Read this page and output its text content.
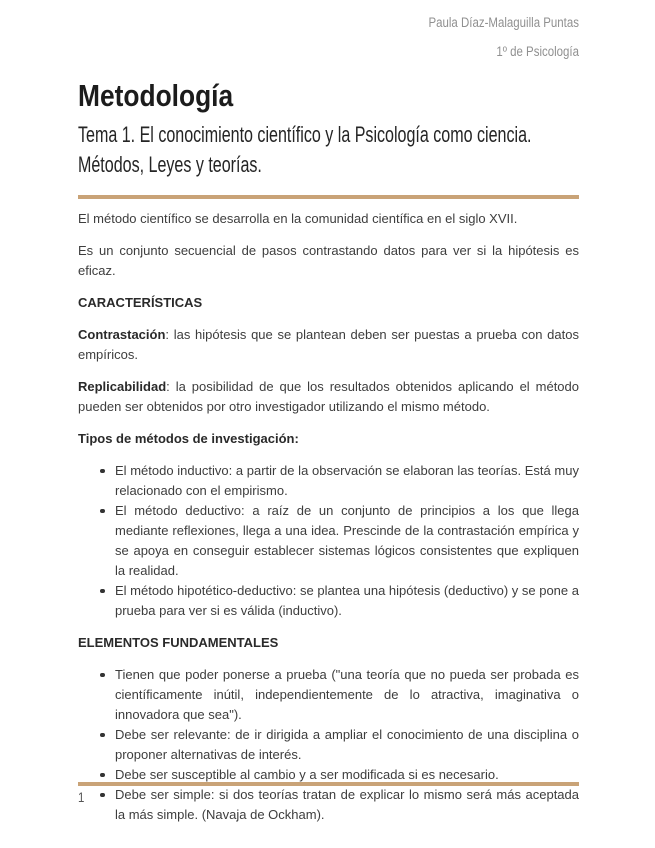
Paula Díaz-Malaguilla Puntas
1º de Psicología
Metodología
Tema 1. El conocimiento científico y la Psicología como ciencia.
Métodos, Leyes y teorías.

El método científico se desarrolla en la comunidad científica en el siglo XVII.

Es un conjunto secuencial de pasos contrastando datos para ver si la hipótesis es eficaz.

CARACTERÍSTICAS

Contrastación: las hipótesis que se plantean deben ser puestas a prueba con datos empíricos.

Replicabilidad: la posibilidad de que los resultados obtenidos aplicando el método pueden ser obtenidos por otro investigador utilizando el mismo método.

Tipos de métodos de investigación:
El método inductivo: a partir de la observación se elaboran las teorías. Está muy relacionado con el empirismo.
El método deductivo: a raíz de un conjunto de principios a los que llega mediante reflexiones, llega a una idea. Prescinde de la contrastación empírica y se apoya en conseguir establecer sistemas lógicos consistentes que expliquen la realidad.
El método hipotético-deductivo: se plantea una hipótesis (deductivo) y se pone a prueba para ver si es válida (inductivo).
ELEMENTOS FUNDAMENTALES
Tienen que poder ponerse a prueba ("una teoría que no pueda ser probada es científicamente inútil, independientemente de lo atractiva, imaginativa o innovadora que sea").
Debe ser relevante: de ir dirigida a ampliar el conocimiento de una disciplina o proponer alternativas de interés.
Debe ser susceptible al cambio y a ser modificada si es necesario.
Debe ser simple: si dos teorías tratan de explicar lo mismo será más aceptada la más simple. (Navaja de Ockham).
1
